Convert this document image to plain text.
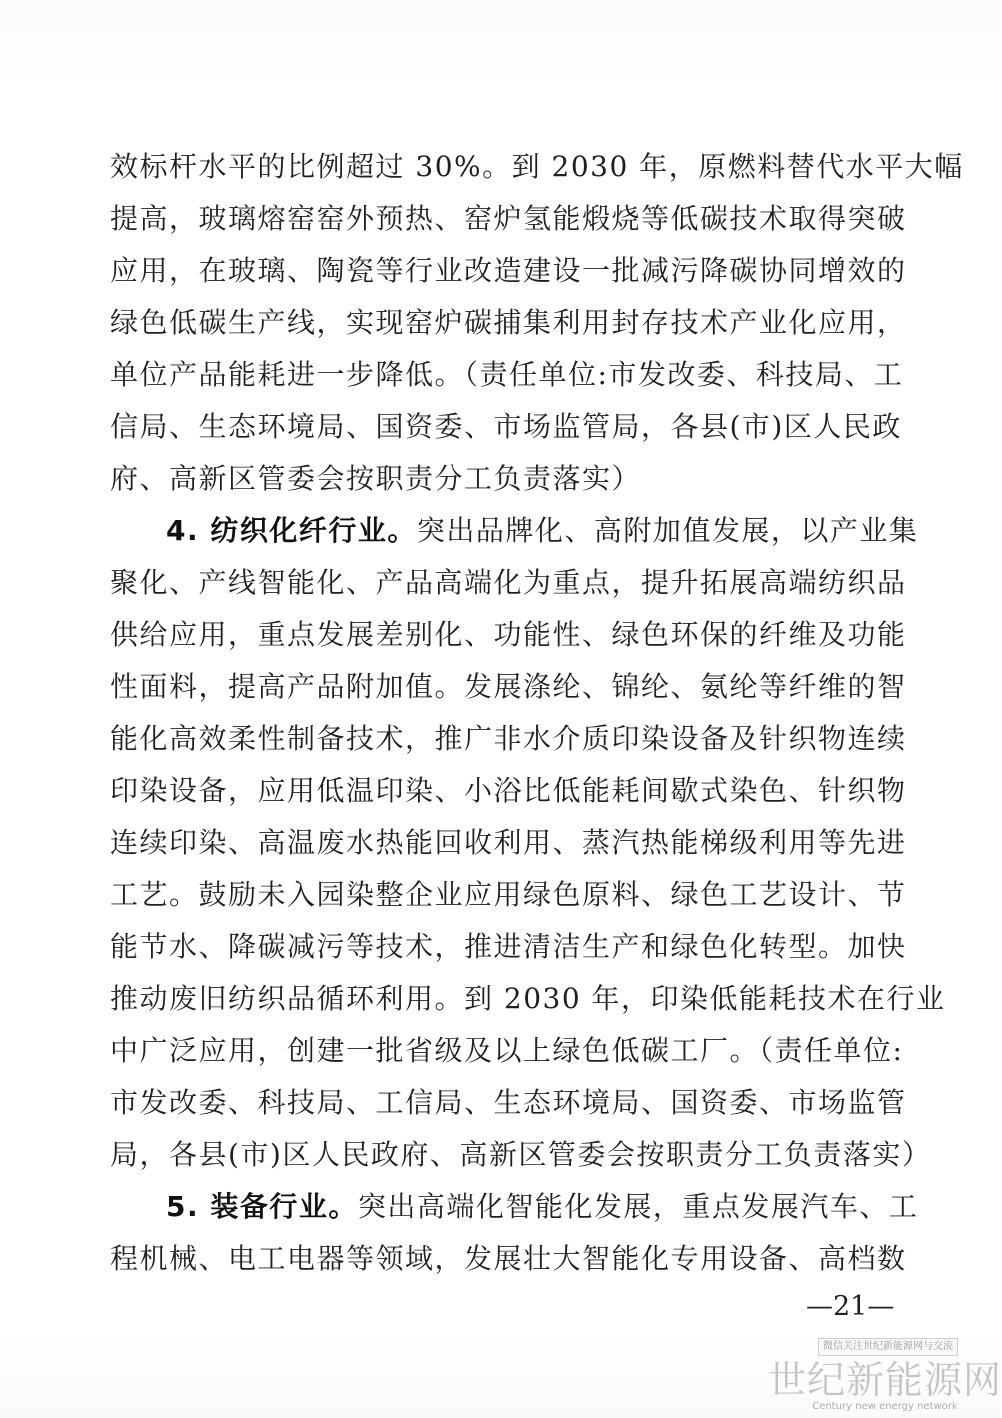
效标杆水平的比例超过 30%。到 2030 年，原燃料替代水平大幅
提高，玻璃熔窑窑外预热、窑炉氢能煅烧等低碳技术取得突破
应用，在玻璃、陶瓷等行业改造建设一批减污降碳协同增效的
绿色低碳生产线，实现窑炉碳捕集利用封存技术产业化应用，
单位产品能耗进一步降低。（责任单位:市发改委、科技局、工
信局、生态环境局、国资委、市场监管局，各县(市)区人民政
府、高新区管委会按职责分工负责落实）
4. 纺织化纤行业。突出品牌化、高附加值发展，以产业集
聚化、产线智能化、产品高端化为重点，提升拓展高端纺织品
供给应用，重点发展差别化、功能性、绿色环保的纤维及功能
性面料，提高产品附加值。发展涤纶、锦纶、氨纶等纤维的智
能化高效柔性制备技术，推广非水介质印染设备及针织物连续
印染设备，应用低温印染、小浴比低能耗间歇式染色、针织物
连续印染、高温废水热能回收利用、蒸汽热能梯级利用等先进
工艺。鼓励未入园染整企业应用绿色原料、绿色工艺设计、节
能节水、降碳减污等技术，推进清洁生产和绿色化转型。加快
推动废旧纺织品循环利用。到 2030 年，印染低能耗技术在行业
中广泛应用，创建一批省级及以上绿色低碳工厂。（责任单位:
市发改委、科技局、工信局、生态环境局、国资委、市场监管
局，各县(市)区人民政府、高新区管委会按职责分工负责落实）
5. 装备行业。突出高端化智能化发展，重点发展汽车、工
程机械、电工电器等领域，发展壮大智能化专用设备、高档数
—21—
微信关注世纪新能源网与交流
世纪新能源网
Century new energy network
